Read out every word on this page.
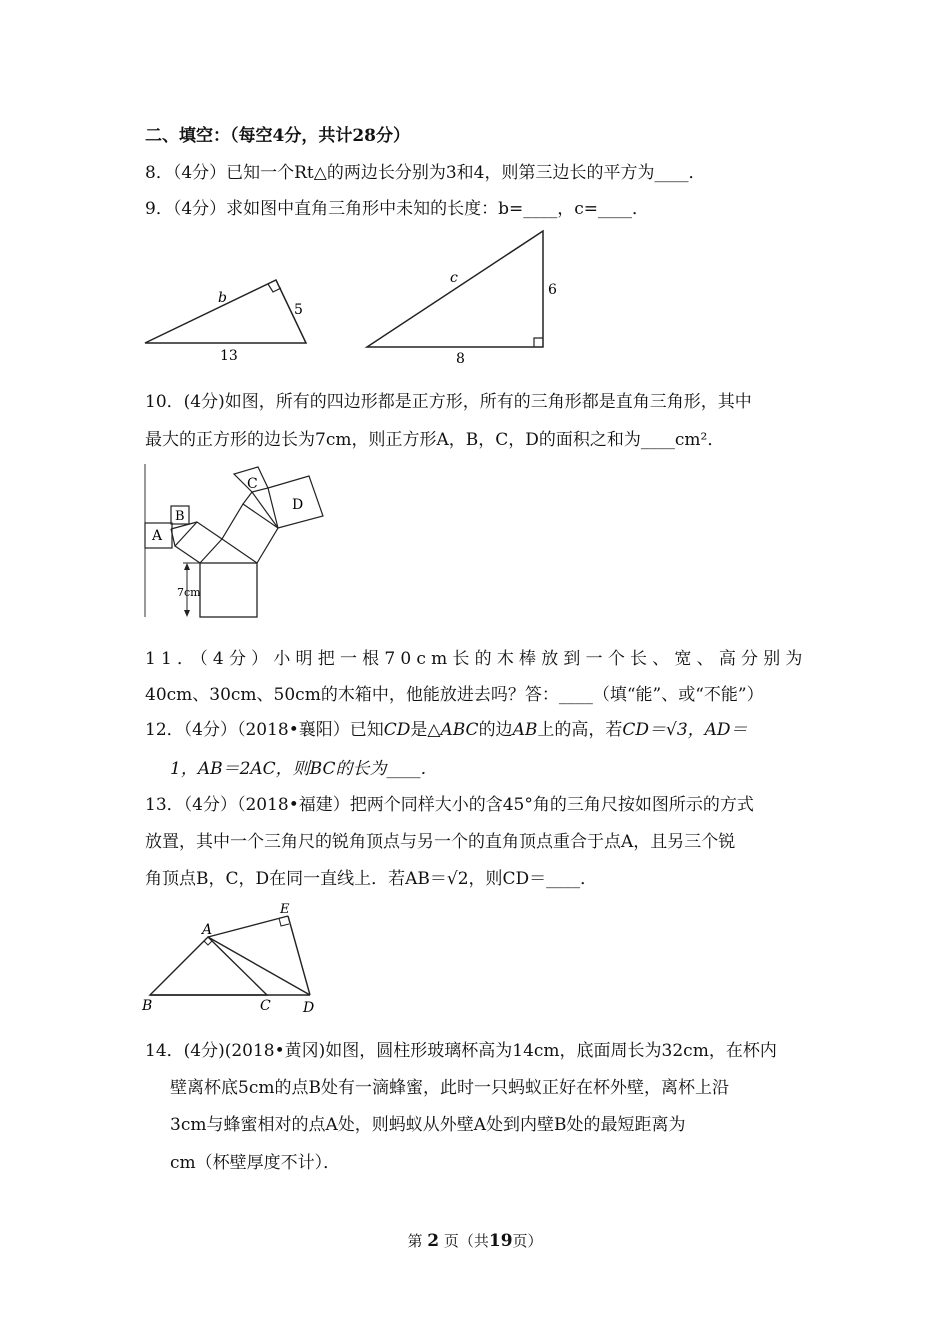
二、填空：（每空4分，共计28分）
8．（4分）已知一个Rt△的两边长分别为3和4，则第三边长的平方为____．
9．（4分）求如图中直角三角形中未知的长度：b=____，c=____．
b
5
13
c
6
8
10．(4分)如图，所有的四边形都是正方形，所有的三角形都是直角三角形，其中
最大的正方形的边长为7cm，则正方形A，B，C，D的面积之和为____cm²．
A
B
C
D
7cm
11．（4分）小明把一根70cm长的木棒放到一个长、宽、高分别为
40cm、30cm、50cm的木箱中，他能放进去吗？答：____（填“能”、或“不能”）
12．（4分）（2018•襄阳）已知CD是△ABC的边AB上的高，若CD＝√3，AD＝
1，AB＝2AC，则BC的长为____．
13．（4分）（2018•福建）把两个同样大小的含45°角的三角尺按如图所示的方式
放置，其中一个三角尺的锐角顶点与另一个的直角顶点重合于点A，且另三个锐
角顶点B，C，D在同一直线上．若AB＝√2，则CD＝____．
A
B	C D
E
14．(4分)(2018•黄冈)如图，圆柱形玻璃杯高为14cm，底面周长为32cm，在杯内
壁离杯底5cm的点B处有一滴蜂蜜，此时一只蚂蚁正好在杯外壁，离杯上沿
3cm与蜂蜜相对的点A处，则蚂蚁从外壁A处到内壁B处的最短距离为
cm（杯壁厚度不计）．
第 2 页（共19页）
